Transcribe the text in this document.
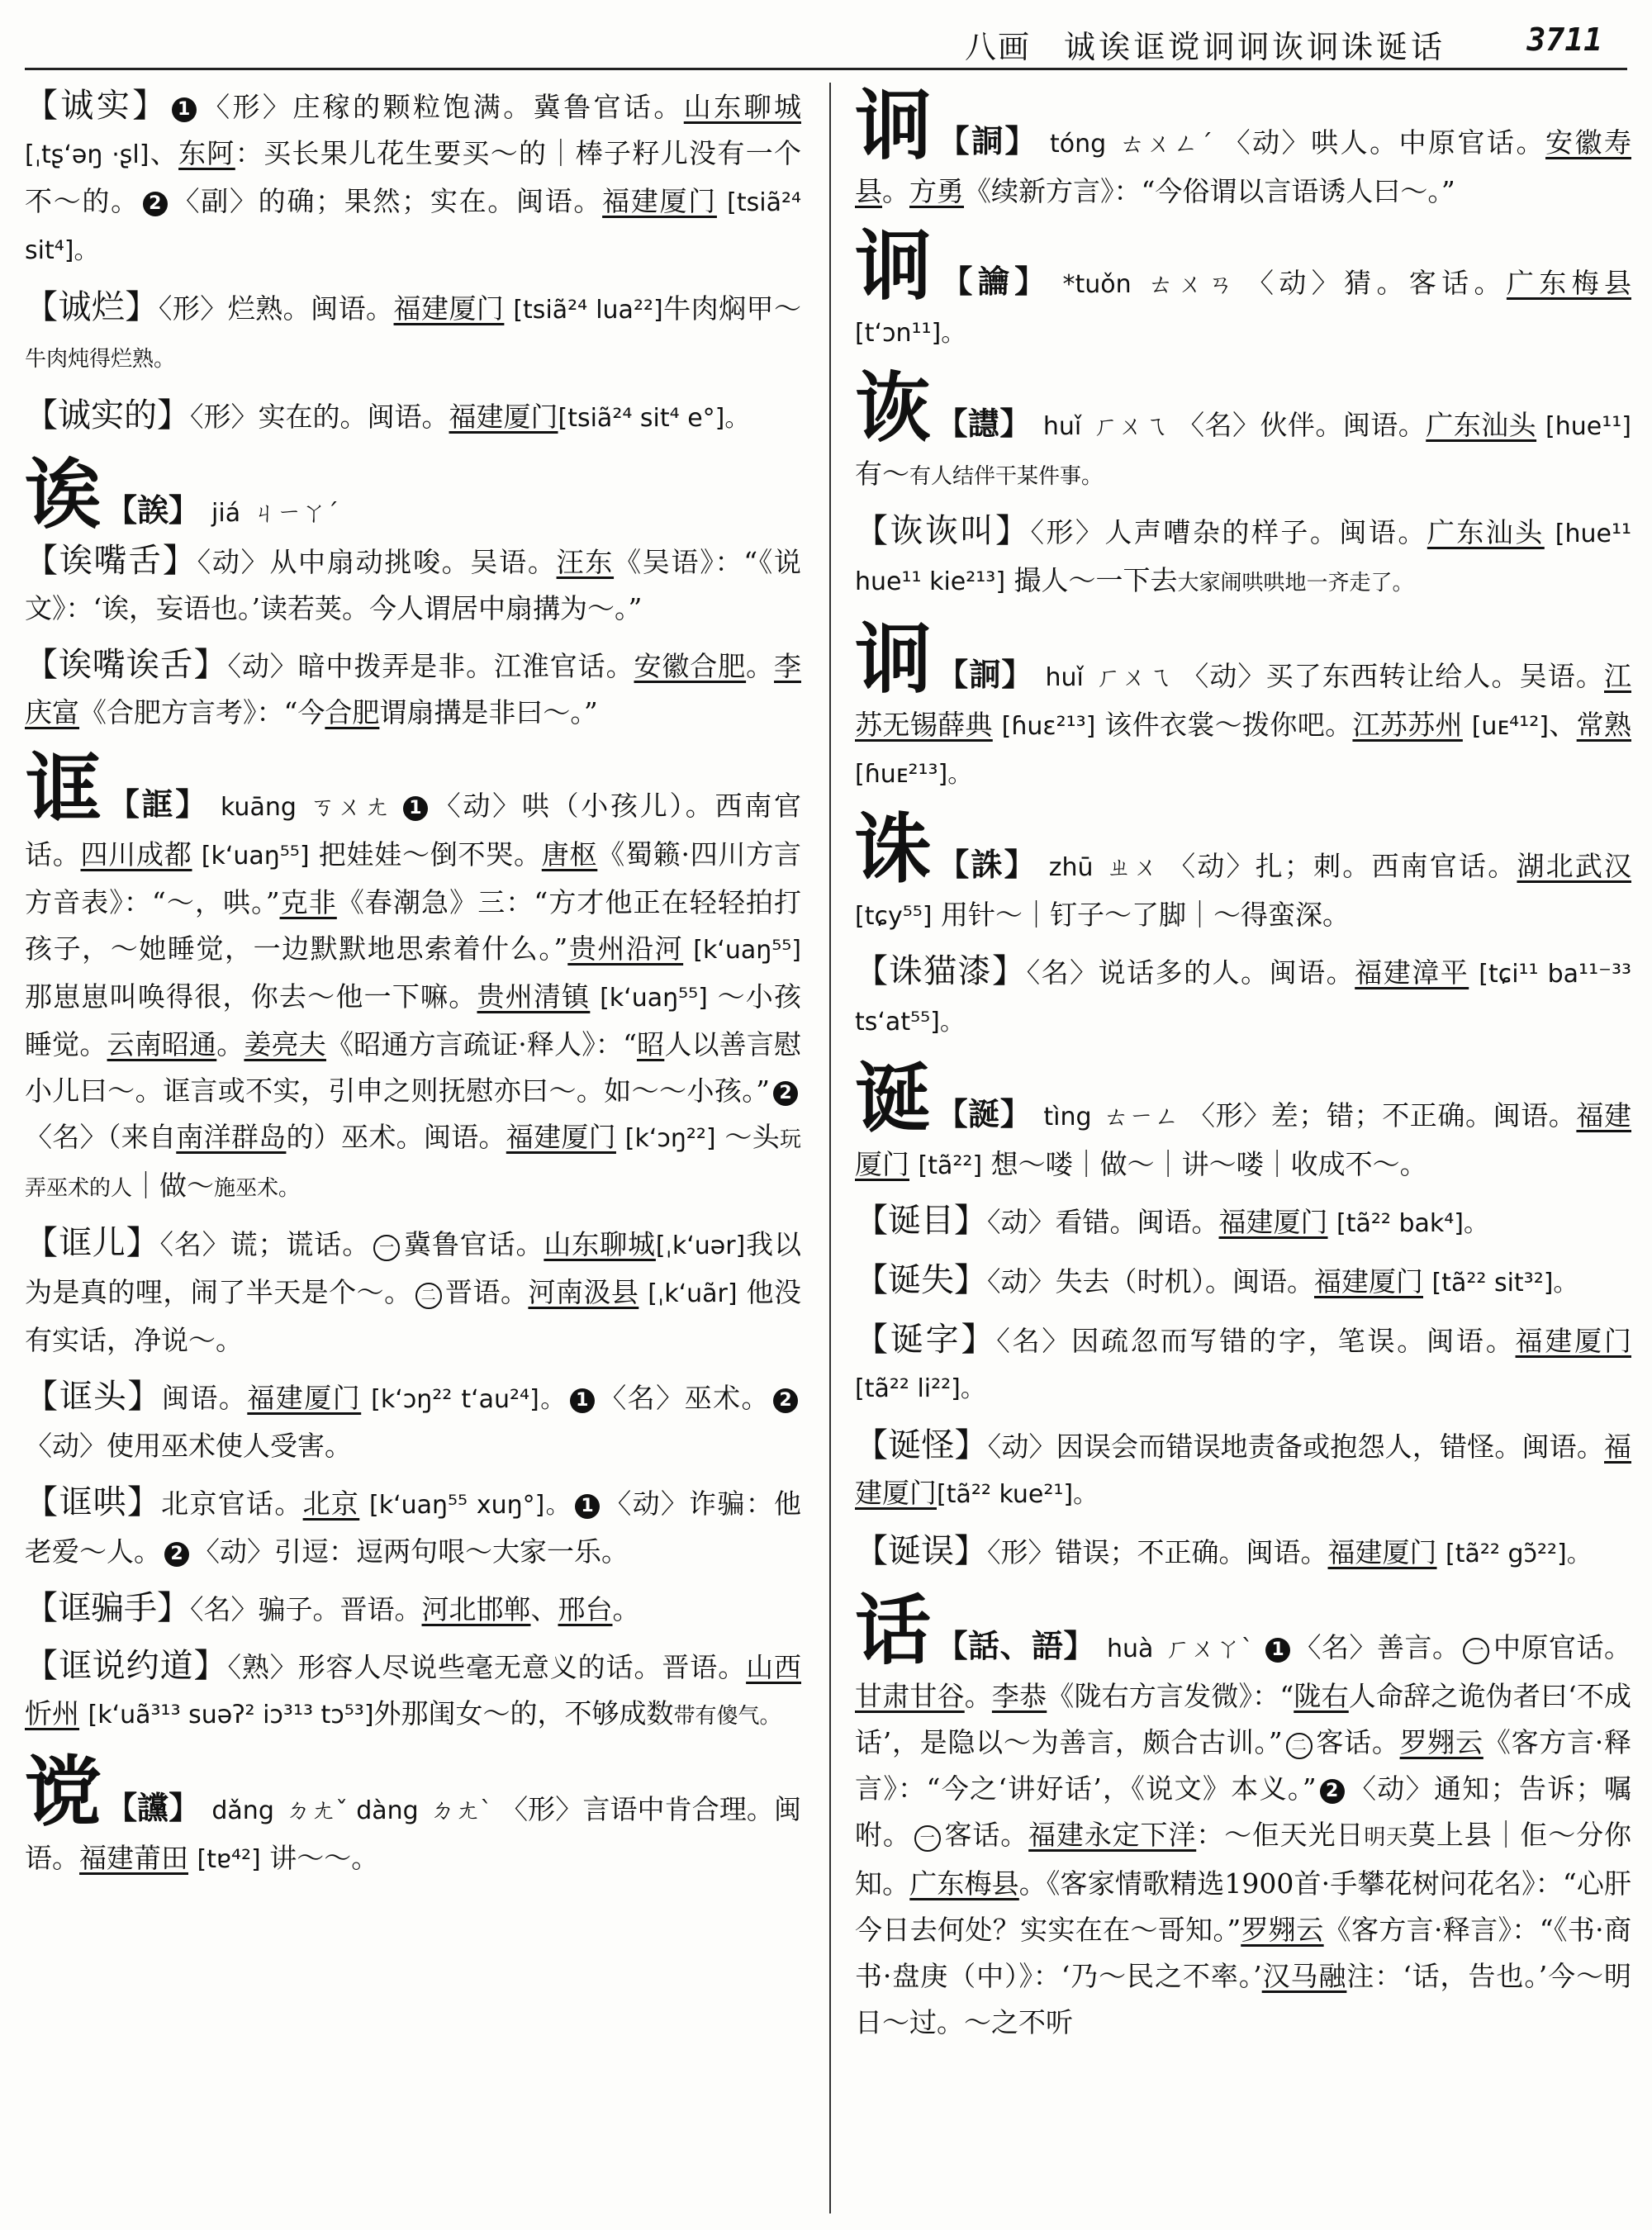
八画 诚诶诓谠诇诇诙诇诛诞话	3711

【诚实】 1 〈形〉庄稼的颗粒饱满。冀鲁官话。山东聊城[ˌtʂʻəŋ ·ʂl]、东阿：买长果儿花生要买～的｜棒子籽儿没有一个不～的。 2 〈副〉的确；果然；实在。闽语。福建厦门 [tsiã²⁴ sit⁴]。

【诚烂】〈形〉烂熟。闽语。福建厦门 [tsiã²⁴ lua²²]牛肉焖甲～牛肉炖得烂熟。

【诚实的】〈形〉实在的。闽语。福建厦门[tsiã²⁴ sit⁴ e°]。

诶 【誒】 jiá ㄐㄧㄚˊ

【诶嘴舌】〈动〉从中扇动挑唆。吴语。汪东《吴语》：“《说文》：‘诶，妄语也。’读若荚。今人谓居中扇搆为～。”

【诶嘴诶舌】〈动〉暗中拨弄是非。江淮官话。安徽合肥。李庆富《合肥方言考》：“今合肥谓扇搆是非曰～。”

诓 【誆】 kuāng ㄎㄨㄤ 1 〈动〉哄（小孩儿）。西南官话。四川成都 [kʻuaŋ⁵⁵] 把娃娃～倒不哭。唐枢《蜀籁·四川方言方音表》：“～，哄。”克非《春潮急》三：“方才他正在轻轻拍打孩子，～她睡觉，一边默默地思索着什么。”贵州沿河 [kʻuaŋ⁵⁵] 那崽崽叫唤得很，你去～他一下嘛。贵州清镇 [kʻuaŋ⁵⁵] ～小孩睡觉。云南昭通。姜亮夫《昭通方言疏证·释人》：“昭人以善言慰小儿曰～。诓言或不实，引申之则抚慰亦曰～。如～～小孩。” 2〈名〉（来自南洋群岛的）巫术。闽语。福建厦门 [kʻɔŋ²²] ～头玩弄巫术的人｜做～施巫术。

【诓儿】〈名〉谎；谎话。 一 冀鲁官话。山东聊城[ˌkʻuər]我以为是真的哩，闹了半天是个～。 二 晋语。河南汲县 [ˌkʻuãr] 他没有实话，净说～。

【诓头】闽语。福建厦门 [kʻɔŋ²² tʻau²⁴]。 1 〈名〉巫术。 2〈动〉使用巫术使人受害。

【诓哄】北京官话。北京 [kʻuaŋ⁵⁵ xuŋ°]。 1 〈动〉诈骗：他老爱～人。 2 〈动〉引逗：逗两句哏～大家一乐。

【诓骗手】〈名〉骗子。晋语。河北邯郸、邢台。

【诓说约道】〈熟〉形容人尽说些毫无意义的话。晋语。山西忻州 [kʻuã³¹³ suəʔ² iɔ³¹³ tɔ⁵³]外那闺女～的，不够成数带有傻气。

谠 【讜】 dǎng ㄉㄤˇ dàng ㄉㄤˋ 〈形〉言语中肯合理。闽语。福建莆田 [tɐ⁴²] 讲～～。
诇 【詷】 tóng ㄊㄨㄥˊ 〈动〉哄人。中原官话。安徽寿县。方勇《续新方言》：“今俗谓以言语诱人曰～。”
诇 【讑】 *tuǒn ㄊㄨㄢ 〈动〉猜。客话。广东梅县 [tʻɔn¹¹]。
诙 【譿】 huǐ ㄏㄨㄟ 〈名〉伙伴。闽语。广东汕头 [hue¹¹] 有～有人结伴干某件事。

【诙诙叫】〈形〉人声嘈杂的样子。闽语。广东汕头 [hue¹¹ hue¹¹ kie²¹³] 撮人～一下去大家闹哄哄地一齐走了。

诇 【詗】 huǐ ㄏㄨㄟ 〈动〉买了东西转让给人。吴语。江苏无锡薛典 [ɦuɛ²¹³] 该件衣裳～拨你吧。江苏苏州 [uᴇ⁴¹²]、常熟 [ɦuᴇ²¹³]。
诛 【誅】 zhū ㄓㄨ 〈动〉扎；刺。西南官话。湖北武汉 [tɕy⁵⁵] 用针～｜钉子～了脚｜～得蛮深。

【诛猫漆】〈名〉说话多的人。闽语。福建漳平 [tɕi¹¹ ba¹¹⁻³³ tsʻat⁵⁵]。

诞 【誕】 tìng ㄊㄧㄥ 〈形〉差；错；不正确。闽语。福建厦门 [tã²²] 想～喽｜做～｜讲～喽｜收成不～。

【诞目】〈动〉看错。闽语。福建厦门 [tã²² bak⁴]。

【诞失】〈动〉失去（时机）。闽语。福建厦门 [tã²² sit³²]。

【诞字】〈名〉因疏忽而写错的字，笔误。闽语。福建厦门 [tã²² li²²]。

【诞怪】〈动〉因误会而错误地责备或抱怨人，错怪。闽语。福建厦门[tã²² kue²¹]。

【诞误】〈形〉错误；不正确。闽语。福建厦门 [tã²² gɔ̃²²]。

话 【話、語】 huà ㄏㄨㄚˋ 1 〈名〉善言。 一 中原官话。甘肃甘谷。李恭《陇右方言发微》：“陇右人命辞之诡伪者曰‘不成话’，是隐以～为善言，颇合古训。” 二 客话。罗翙云《客方言·释言》：“今之‘讲好话’，《说文》本义。” 2 〈动〉通知；告诉；嘱咐。 一 客话。福建永定下洋：～佢天光日明天莫上县｜佢～分你知。广东梅县。《客家情歌精选1900首·手攀花树问花名》：“心肝今日去何处？实实在在～哥知。”罗翙云《客方言·释言》：“《书·商书·盘庚（中）》：‘乃～民之不率。’汉马融注：‘话，告也。’今～明日～过。～之不听
